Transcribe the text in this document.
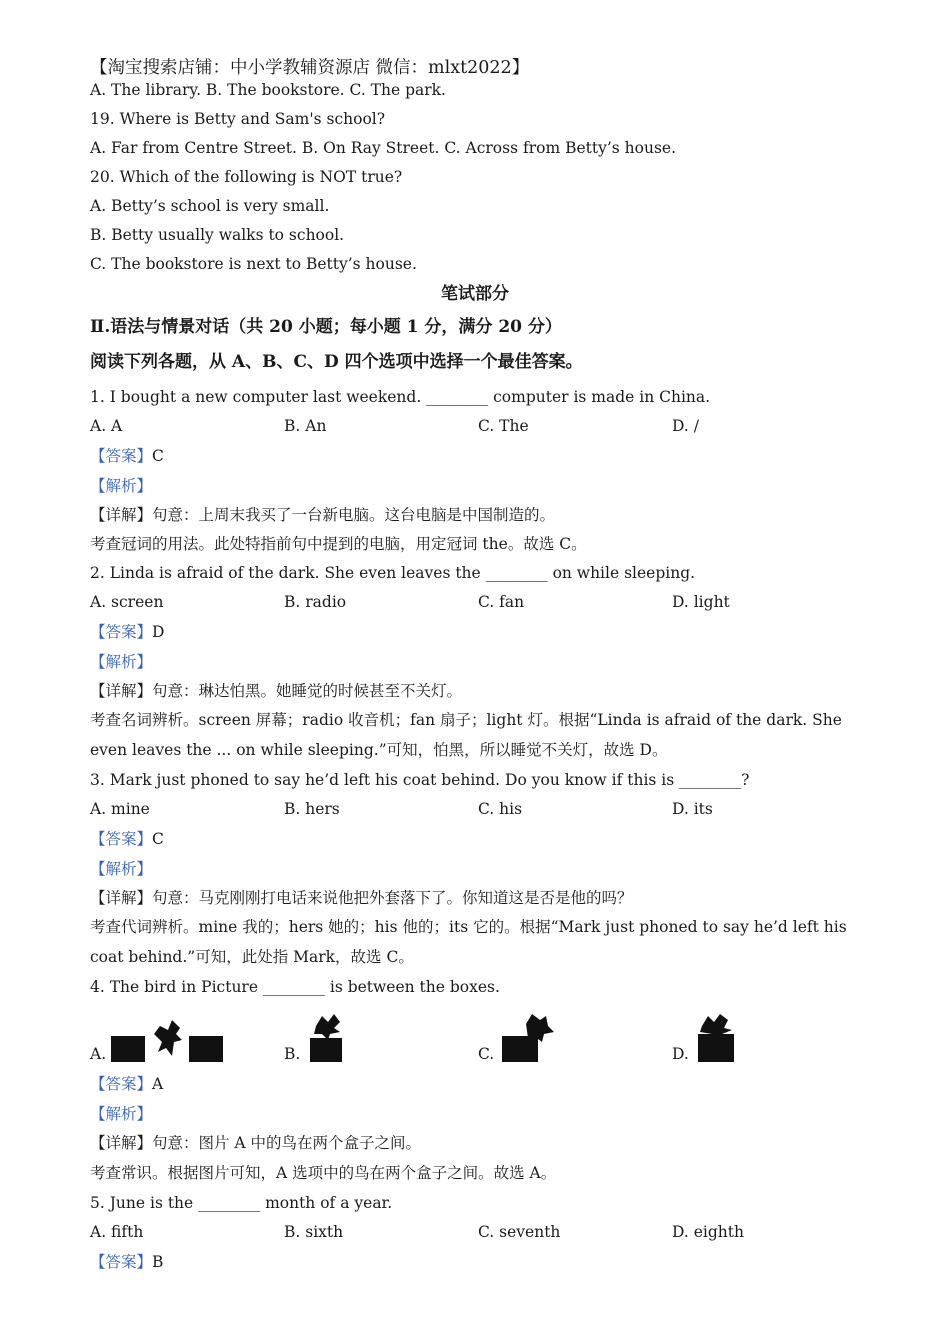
【淘宝搜索店铺：中小学教辅资源店 微信：mlxt2022】
A. The library. B. The bookstore. C. The park.
19. Where is Betty and Sam's school?
A. Far from Centre Street. B. On Ray Street. C. Across from Betty’s house.
20. Which of the following is NOT true?
A. Betty’s school is very small.
B. Betty usually walks to school.
C. The bookstore is next to Betty’s house.
笔试部分
Ⅱ.语法与情景对话（共 20 小题；每小题 1 分，满分 20 分）
阅读下列各题，从 A、B、C、D 四个选项中选择一个最佳答案。
1. I bought a new computer last weekend. ________ computer is made in China.
A. A	B. An	C. The	D. /
【答案】C
【解析】
【详解】句意：上周末我买了一台新电脑。这台电脑是中国制造的。
考查冠词的用法。此处特指前句中提到的电脑，用定冠词 the。故选 C。
2. Linda is afraid of the dark. She even leaves the ________ on while sleeping.
A. screen	B. radio	C. fan	D. light
【答案】D
【解析】
【详解】句意：琳达怕黑。她睡觉的时候甚至不关灯。
考查名词辨析。screen 屏幕；radio 收音机；fan 扇子；light 灯。根据“Linda is afraid of the dark. She even leaves the ... on while sleeping.”可知，怕黑，所以睡觉不关灯，故选 D。
3. Mark just phoned to say he’d left his coat behind. Do you know if this is ________?
A. mine	B. hers	C. his	D. its
【答案】C
【解析】
【详解】句意：马克刚刚打电话来说他把外套落下了。你知道这是否是他的吗？
考查代词辨析。mine 我的；hers 她的；his 他的；its 它的。根据“Mark just phoned to say he’d left his coat behind.”可知，此处指 Mark，故选 C。
4. The bird in Picture ________ is between the boxes.
A.	B.	C.	D.
【答案】A
【解析】
【详解】句意：图片 A 中的鸟在两个盒子之间。
考查常识。根据图片可知，A 选项中的鸟在两个盒子之间。故选 A。
5. June is the ________ month of a year.
A. fifth	B. sixth	C. seventh	D. eighth
【答案】B
